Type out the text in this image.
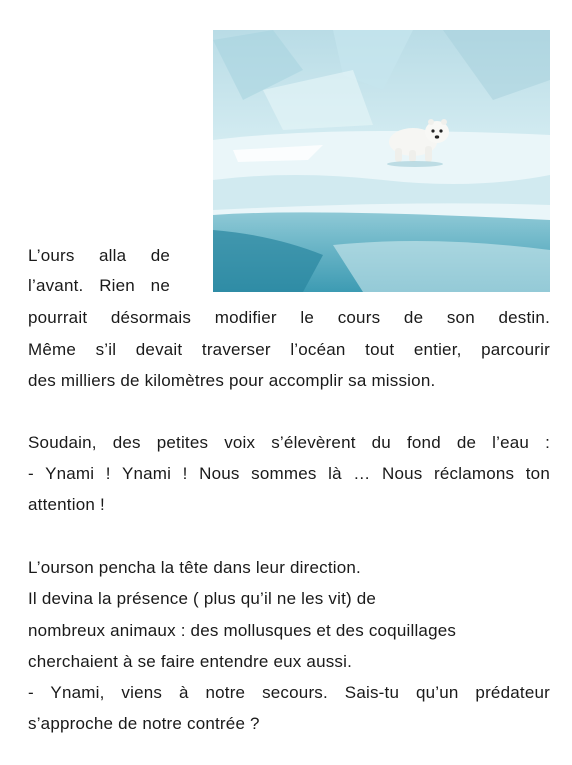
L’ours alla de
l’avant. Rien ne
pourrait désormais modifier le cours de son destin.
Même s’il devait traverser l’océan tout entier, parcourir
des milliers de kilomètres pour accomplir sa mission.
Soudain, des petites voix s’élevèrent du fond de l’eau :
- Ynami ! Ynami ! Nous sommes là … Nous réclamons ton
attention !
L’ourson pencha la tête dans leur direction.
Il devina la présence ( plus qu’il ne les vit) de
nombreux animaux : des mollusques et des coquillages
cherchaient à se faire entendre eux aussi.
- Ynami, viens à notre secours. Sais-tu qu’un prédateur
s’approche de notre contrée ?
